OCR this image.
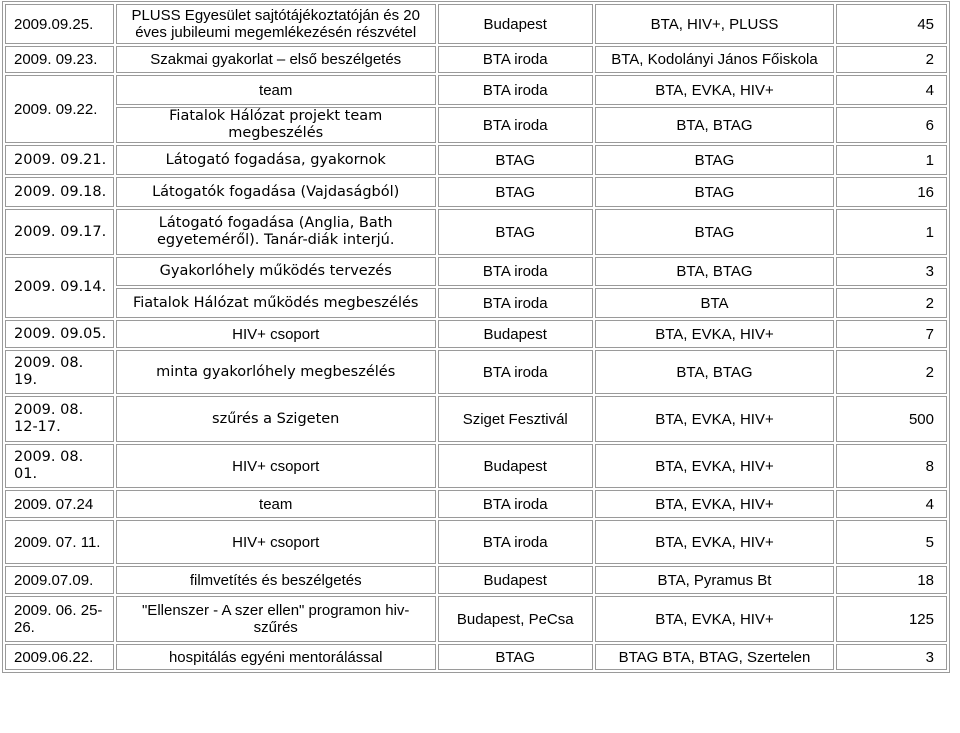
2009.09.25.	PLUSS Egyesület sajtótájékoztatóján és 20 éves jubileumi megemlékezésén részvétel	Budapest	BTA, HIV+, PLUSS	45
2009. 09.23.	Szakmai gyakorlat – első beszélgetés	BTA iroda	BTA, Kodolányi János Főiskola	2
2009. 09.22.	team	BTA iroda	BTA, EVKA, HIV+	4
	Fiatalok Hálózat projekt team megbeszélés	BTA iroda	BTA, BTAG	6
2009. 09.21.	Látogató fogadása, gyakornok	BTAG	BTAG	1
2009. 09.18.	Látogatók fogadása (Vajdaságból)	BTAG	BTAG	16
2009. 09.17.	Látogató fogadása (Anglia, Bath egyeteméről). Tanár-diák interjú.	BTAG	BTAG	1
2009. 09.14.	Gyakorlóhely működés tervezés	BTA iroda	BTA, BTAG	3
	Fiatalok Hálózat működés megbeszélés	BTA iroda	BTA	2
2009. 09.05.	HIV+ csoport	Budapest	BTA, EVKA, HIV+	7
2009. 08. 19.	minta gyakorlóhely megbeszélés	BTA iroda	BTA, BTAG	2
2009. 08. 12-17.	szűrés a Szigeten	Sziget Fesztivál	BTA, EVKA, HIV+	500
2009. 08. 01.	HIV+ csoport	Budapest	BTA, EVKA, HIV+	8
2009. 07.24	team	BTA iroda	BTA, EVKA, HIV+	4
2009. 07. 11.	HIV+ csoport	BTA iroda	BTA, EVKA, HIV+	5
2009.07.09.	filmvetítés és beszélgetés	Budapest	BTA, Pyramus Bt	18
2009. 06. 25-26.	"Ellenszer - A szer ellen" programon hiv-szűrés	Budapest, PeCsa	BTA, EVKA, HIV+	125
2009.06.22.	hospitálás egyéni mentorálással	BTAG	BTAG BTA, BTAG, Szertelen	3
